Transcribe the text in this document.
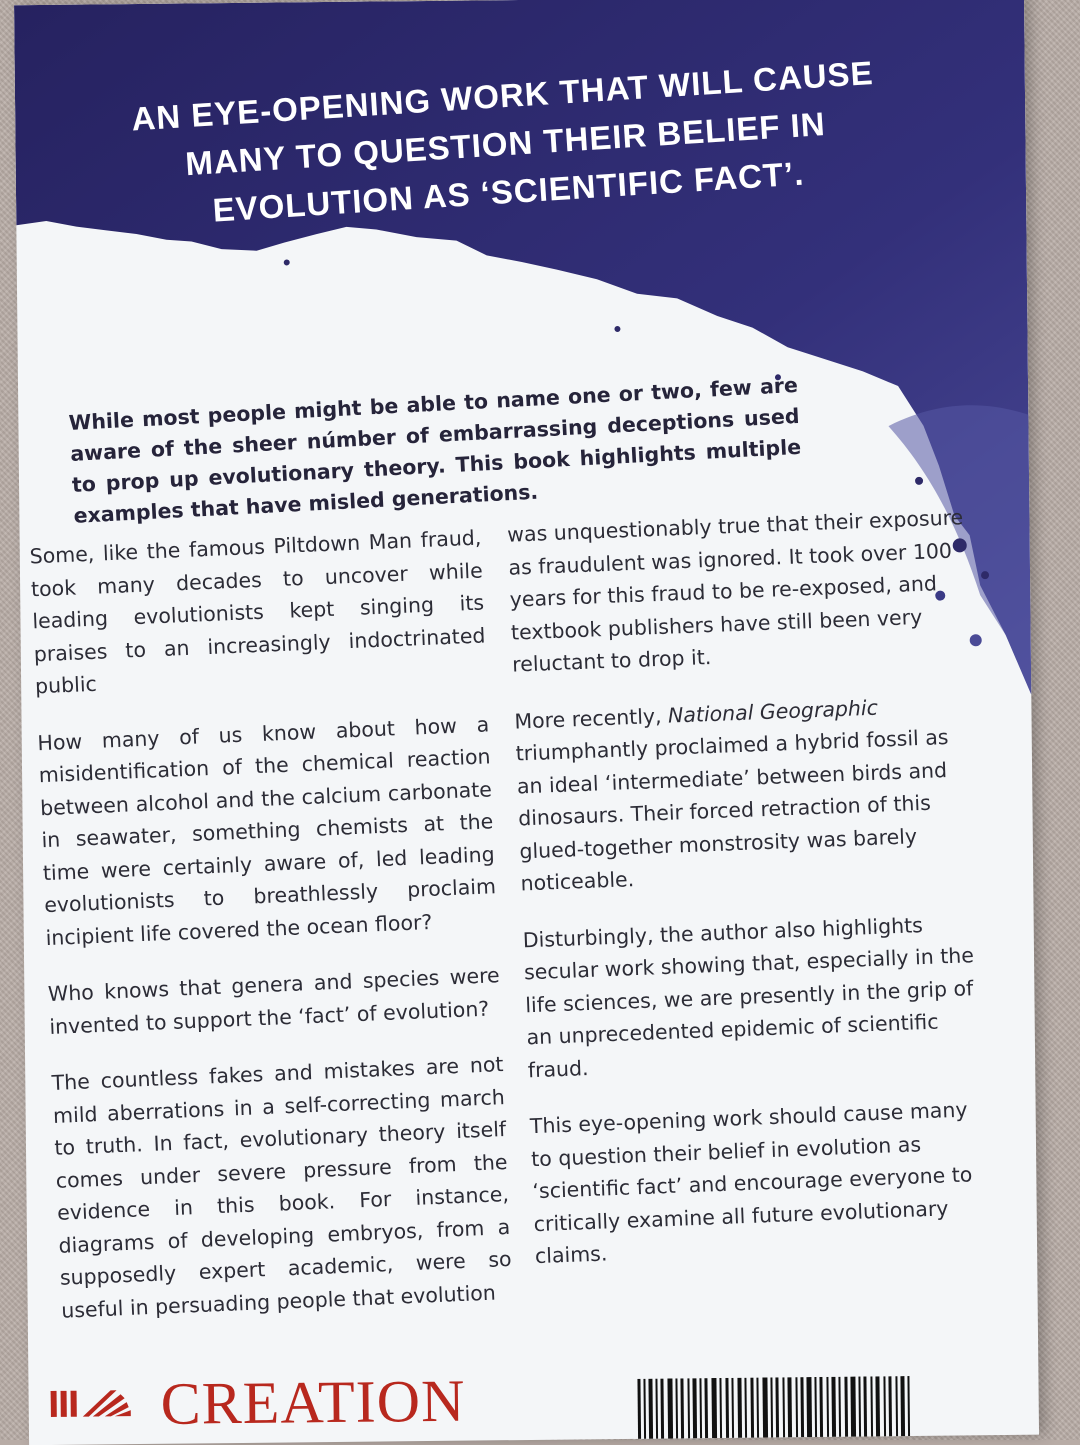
AN EYE-OPENING WORK THAT WILL CAUSE MANY TO QUESTION THEIR BELIEF IN EVOLUTION AS ‘SCIENTIFIC FACT’.
While most people might be able to name one or two, few are aware of the sheer númber of embarrassing deceptions used to prop up evolutionary theory. This book highlights multiple examples that have misled generations.

Some, like the famous Piltdown Man fraud, took many decades to uncover while leading evolutionists kept singing its praises to an increasingly indoctrinated public

How many of us know about how a misidentification of the chemical reaction between alcohol and the calcium carbonate in seawater, something chemists at the time were certainly aware of, led leading evolutionists to breathlessly proclaim incipient life covered the ocean floor?

Who knows that genera and species were invented to support the ‘fact’ of evolution?

The countless fakes and mistakes are not mild aberrations in a self-correcting march to truth. In fact, evolutionary theory itself comes under severe pressure from the evidence in this book. For instance, diagrams of developing embryos, from a supposedly expert academic, were so useful in persuading people that evolution

was unquestionably true that their exposure as fraudulent was ignored. It took over 100 years for this fraud to be re-exposed, and textbook publishers have still been very reluctant to drop it.

More recently, National Geographic triumphantly proclaimed a hybrid fossil as an ideal ‘intermediate’ between birds and dinosaurs. Their forced retraction of this glued-together monstrosity was barely noticeable.

Disturbingly, the author also highlights secular work showing that, especially in the life sciences, we are presently in the grip of an unprecedented epidemic of scientific fraud.

This eye-opening work should cause many to question their belief in evolution as ‘scientific fact’ and encourage everyone to critically examine all future evolutionary claims.

CREATION
